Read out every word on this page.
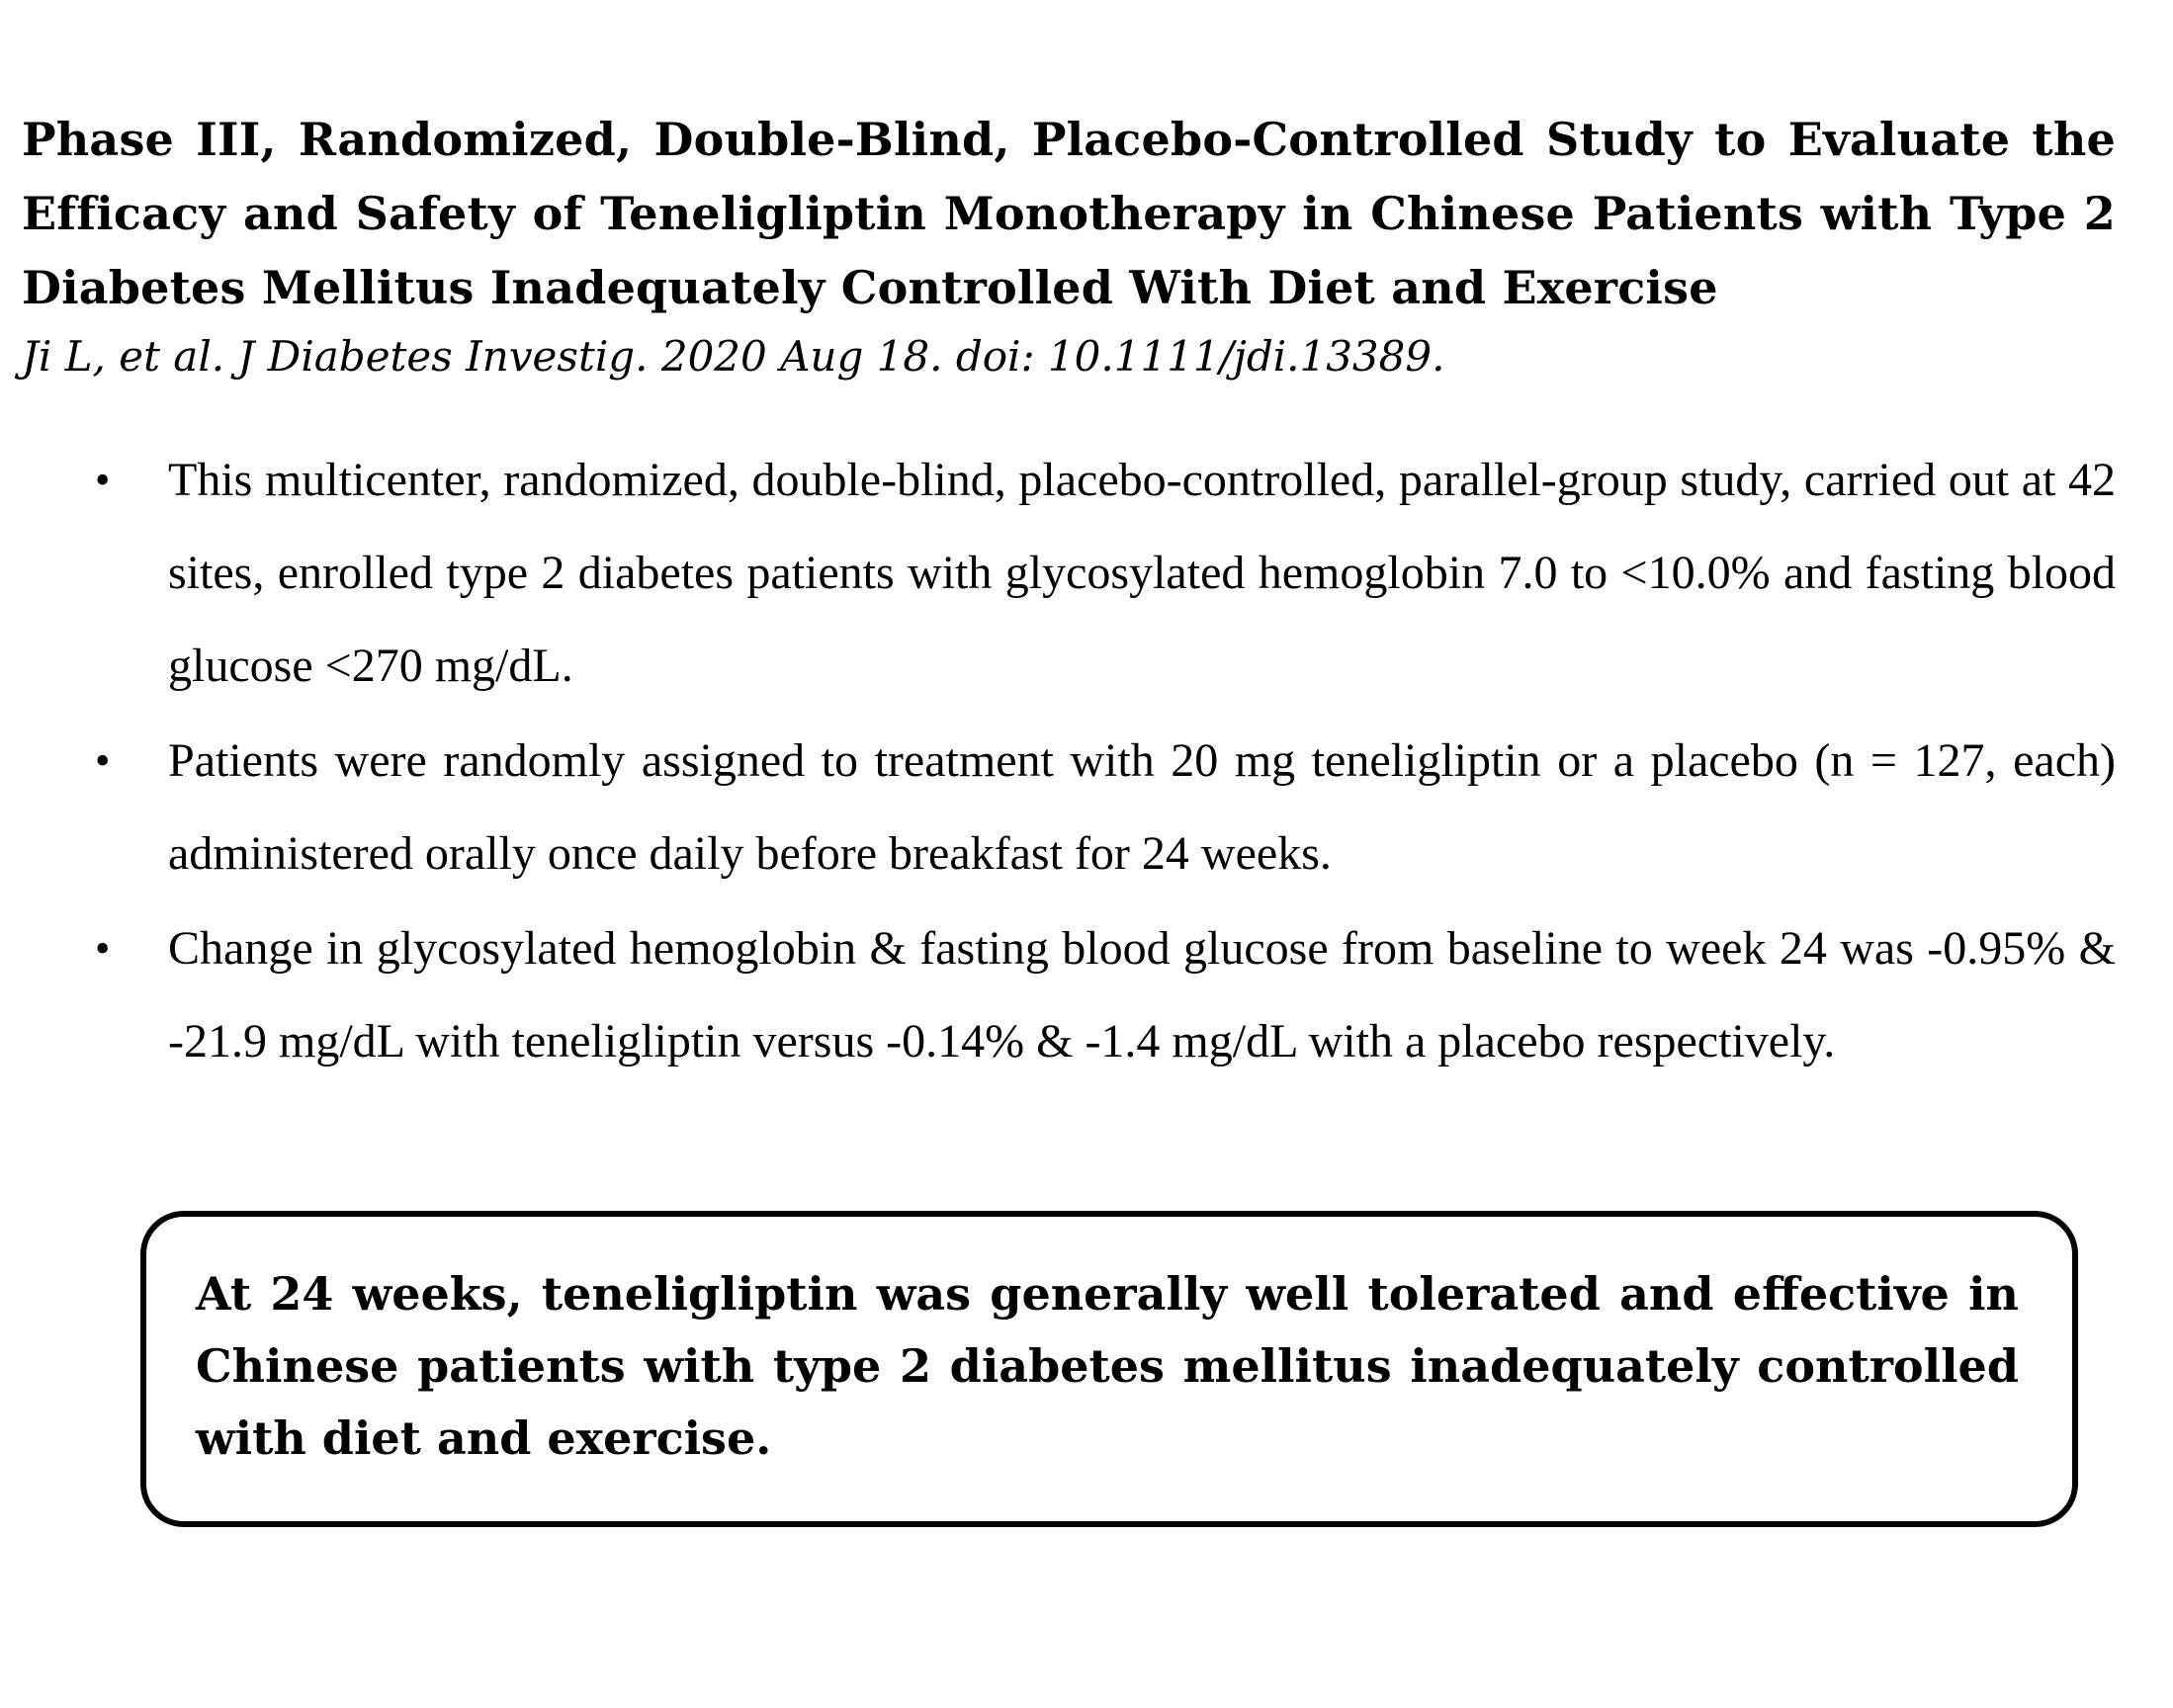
Phase III, Randomized, Double-Blind, Placebo-Controlled Study to Evaluate the Efficacy and Safety of Teneligliptin Monotherapy in Chinese Patients with Type 2 Diabetes Mellitus Inadequately Controlled With Diet and Exercise

Ji L, et al. J Diabetes Investig. 2020 Aug 18. doi: 10.1111/jdi.13389.

• This multicenter, randomized, double-blind, placebo-controlled, parallel-group study, carried out at 42 sites, enrolled type 2 diabetes patients with glycosylated hemoglobin 7.0 to <10.0% and fasting blood glucose <270 mg/dL.
• Patients were randomly assigned to treatment with 20 mg teneligliptin or a placebo (n = 127, each) administered orally once daily before breakfast for 24 weeks.
• Change in glycosylated hemoglobin & fasting blood glucose from baseline to week 24 was -0.95% & -21.9 mg/dL with teneligliptin versus -0.14% & -1.4 mg/dL with a placebo respectively.

At 24 weeks, teneligliptin was generally well tolerated and effective in Chinese patients with type 2 diabetes mellitus inadequately controlled with diet and exercise.
